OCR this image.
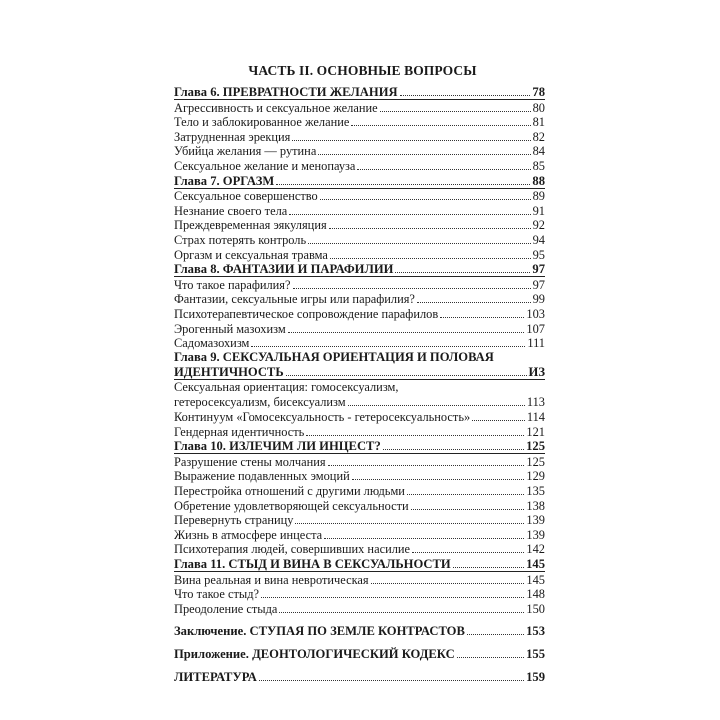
ЧАСТЬ II. ОСНОВНЫЕ ВОПРОСЫ
Глава 6. ПРЕВРАТНОСТИ ЖЕЛАНИЯ	78
Агрессивность и сексуальное желание	80
Тело и заблокированное желание	81
Затрудненная эрекция	82
Убийца желания — рутина	84
Сексуальное желание и менопауза	85
Глава 7. ОРГАЗМ	88
Сексуальное совершенство	89
Незнание своего тела	91
Преждевременная эякуляция	92
Страх потерять контроль	94
Оргазм и сексуальная травма	95
Глава 8. ФАНТАЗИИ И ПАРАФИЛИИ	97
Что такое парафилия?	97
Фантазии, сексуальные игры или парафилия?	99
Психотерапевтическое сопровождение парафилов	103
Эрогенный мазохизм	107
Садомазохизм	111
Глава 9. СЕКСУАЛЬНАЯ ОРИЕНТАЦИЯ И ПОЛОВАЯ
ИДЕНТИЧНОСТЬ	ИЗ
Сексуальная ориентация: гомосексуализм,
гетеросексуализм, бисексуализм	113
Континуум «Гомосексуальность - гетеросексуальность»	114
Гендерная идентичность	121
Глава 10. ИЗЛЕЧИМ ЛИ ИНЦЕСТ?	125
Разрушение стены молчания	125
Выражение подавленных эмоций	129
Перестройка отношений с другими людьми	135
Обретение удовлетворяющей сексуальности	138
Перевернуть страницу	139
Жизнь в атмосфере инцеста	139
Психотерапия людей, совершивших насилие	142
Глава 11. СТЫД И ВИНА В СЕКСУАЛЬНОСТИ	145
Вина реальная и вина невротическая	145
Что такое стыд?	148
Преодоление стыда	150
Заключение. СТУПАЯ ПО ЗЕМЛЕ КОНТРАСТОВ	153
Приложение. ДЕОНТОЛОГИЧЕСКИЙ КОДЕКС	155
ЛИТЕРАТУРА	159
